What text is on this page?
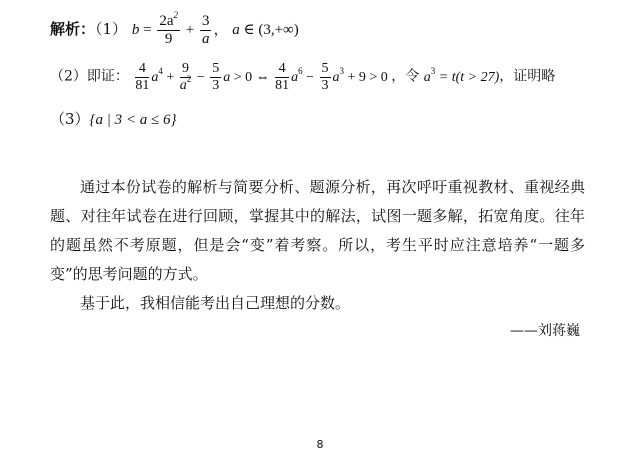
解析：（1） $b = \frac{2a^2}{9} + \frac{3}{a}$ ， a ∈ (3,+∞)
（2）即证： $\frac{4}{81} a^4 + \frac{9}{a^2} - \frac{5}{3}$ a > 0 ⇔ $\frac{4}{81} a^6 - \frac{5}{3} a^3 + 9 > 0$ ，令 $a^3 = t(t > 27)$，证明略
（3）{a | 3 < a ≤ 6}
通过本份试卷的解析与简要分析、题源分析，再次呼吁重视教材、重视经典题、对往年试卷在进行回顾，掌握其中的解法，试图一题多解，拓宽角度。往年的题虽然不考原题，但是会“变”着考察。所以，考生平时应注意培养“一题多变”的思考问题的方式。
基于此，我相信能考出自己理想的分数。
——刘蒋巍
8
